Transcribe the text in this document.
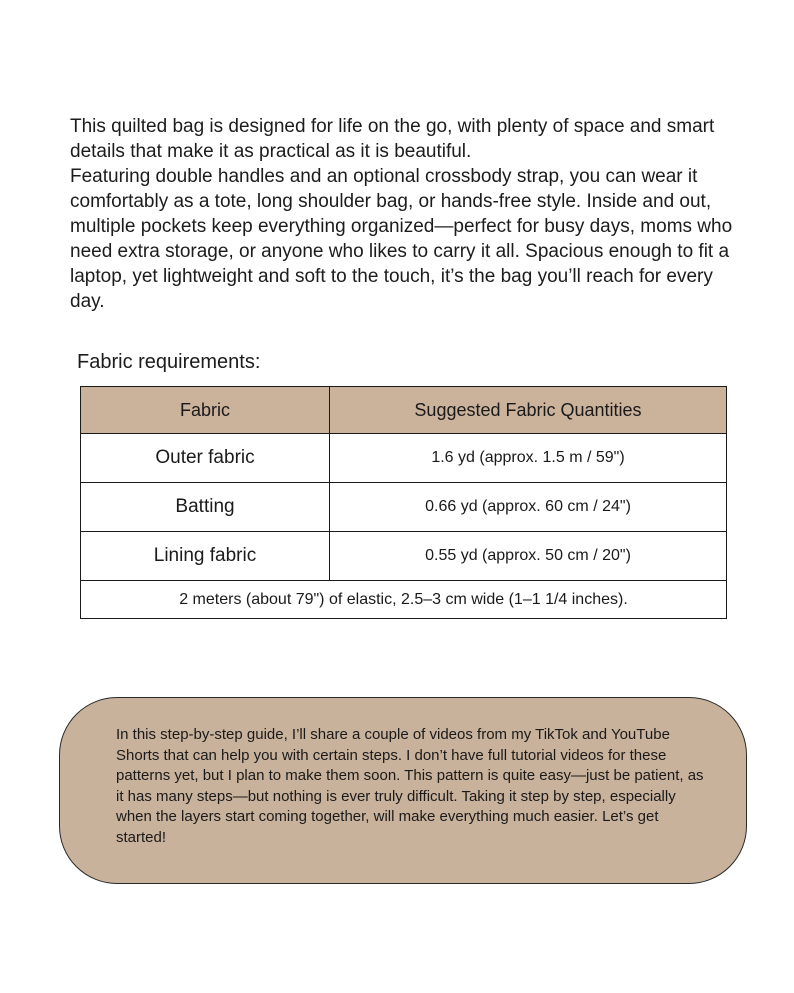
This quilted bag is designed for life on the go, with plenty of space and smart details that make it as practical as it is beautiful.

Featuring double handles and an optional crossbody strap, you can wear it comfortably as a tote, long shoulder bag, or hands-free style. Inside and out, multiple pockets keep everything organized—perfect for busy days, moms who need extra storage, or anyone who likes to carry it all. Spacious enough to fit a laptop, yet lightweight and soft to the touch, it’s the bag you’ll reach for every day.

Fabric requirements:
Fabric	Suggested Fabric Quantities
Outer fabric	1.6 yd (approx. 1.5 m / 59")
Batting	0.66 yd (approx. 60 cm / 24")
Lining fabric	0.55 yd (approx. 50 cm / 20")
2 meters (about 79") of elastic, 2.5–3 cm wide (1–1 1/4 inches).	

In this step-by-step guide, I’ll share a couple of videos from my TikTok and YouTube Shorts that can help you with certain steps. I don’t have full tutorial videos for these patterns yet, but I plan to make them soon. This pattern is quite easy—just be patient, as it has many steps—but nothing is ever truly difficult. Taking it step by step, especially when the layers start coming together, will make everything much easier. Let’s get started!
